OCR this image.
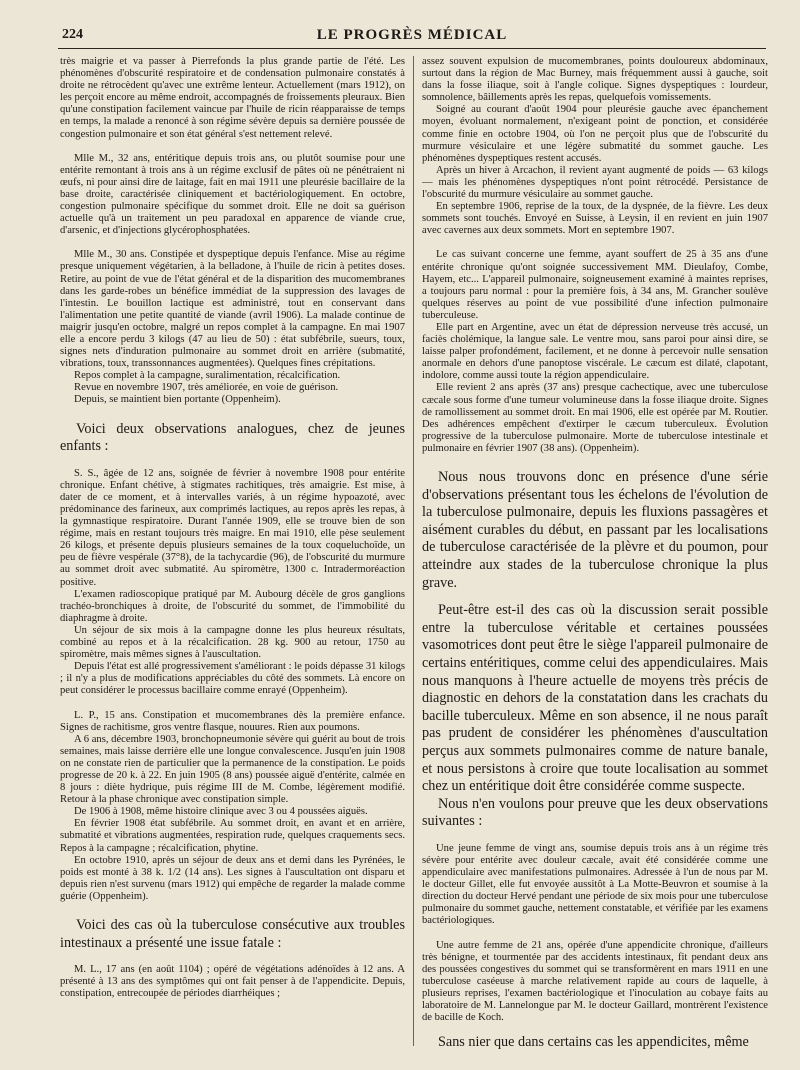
224	LE PROGRÈS MÉDICAL

très maigrie et va passer à Pierrefonds la plus grande partie de l'été. Les phénomènes d'obscurité respiratoire et de condensation pulmonaire constatés à droite ne rétrocèdent qu'avec une extrême lenteur. Actuellement (mars 1912), on les perçoit encore au même endroit, accompagnés de froissements pleuraux. Bien qu'une constipation facilement vaincue par l'huile de ricin réapparaisse de temps en temps, la malade a renoncé à son régime sévère depuis sa dernière poussée de congestion pulmonaire et son état général s'est nettement relevé.

Mlle M., 32 ans, entéritique depuis trois ans, ou plutôt soumise pour une entérite remontant à trois ans à un régime exclusif de pâtes où ne pénétraient ni œufs, ni pour ainsi dire de laitage, fait en mai 1911 une pleurésie bacillaire de la base droite, caractérisée cliniquement et bactériologiquement. En octobre, congestion pulmonaire spécifique du sommet droit. Elle ne doit sa guérison actuelle qu'à un traitement un peu paradoxal en apparence de viande crue, d'arsenic, et d'injections glycérophosphatées.

Mlle M., 30 ans. Constipée et dyspeptique depuis l'enfance. Mise au régime presque uniquement végétarien, à la belladone, à l'huile de ricin à petites doses. Retire, au point de vue de l'état général et de la disparition des mucomembranes dans les garde-robes un bénéfice immédiat de la suppression des lavages de l'intestin. Le bouillon lactique est administré, tout en conservant dans l'alimentation une petite quantité de viande (avril 1906). La malade continue de maigrir jusqu'en octobre, malgré un repos complet à la campagne. En mai 1907 elle a encore perdu 3 kilogs (47 au lieu de 50) : état subfébrile, sueurs, toux, signes nets d'induration pulmonaire au sommet droit en arrière (submatité, vibrations, toux, transsonnances augmentées). Quelques fines crépitations.

Repos complet à la campagne, suralimentation, récalcification.

Revue en novembre 1907, très améliorée, en voie de guérison.

Depuis, se maintient bien portante (Oppenheim).

Voici deux observations analogues, chez de jeunes enfants :

S. S., âgée de 12 ans, soignée de février à novembre 1908 pour entérite chronique. Enfant chétive, à stigmates rachitiques, très amaigrie. Est mise, à dater de ce moment, et à intervalles variés, à un régime hypoazoté, avec prédominance des farineux, aux comprimés lactiques, au repos après les repas, à la gymnastique respiratoire. Durant l'année 1909, elle se trouve bien de son régime, mais en restant toujours très maigre. En mai 1910, elle pèse seulement 26 kilogs, et présente depuis plusieurs semaines de la toux coqueluchoïde, un peu de fièvre vespérale (37°8), de la tachycardie (96), de l'obscurité du murmure au sommet droit avec submatité. Au spiromètre, 1300 c. Intradermoréaction positive.

L'examen radioscopique pratiqué par M. Aubourg décèle de gros ganglions trachéo-bronchiques à droite, de l'obscurité du sommet, de l'immobilité du diaphragme à droite.

Un séjour de six mois à la campagne donne les plus heureux résultats, combiné au repos et à la récalcification. 28 kg. 900 au retour, 1750 au spiromètre, mais mêmes signes à l'auscultation.

Depuis l'état est allé progressivement s'améliorant : le poids dépasse 31 kilogs ; il n'y a plus de modifications appréciables du côté des sommets. Là encore on peut considérer le processus bacillaire comme enrayé (Oppenheim).

L. P., 15 ans. Constipation et mucomembranes dès la première enfance. Signes de rachitisme, gros ventre flasque, nouures. Rien aux poumons.

A 6 ans, décembre 1903, bronchopneumonie sévère qui guérit au bout de trois semaines, mais laisse derrière elle une longue convalescence. Jusqu'en juin 1908 on ne constate rien de particulier que la permanence de la constipation. Le poids progresse de 20 k. à 22. En juin 1905 (8 ans) poussée aiguë d'entérite, calmée en 8 jours : diète hydrique, puis régime III de M. Combe, légèrement modifié. Retour à la phase chronique avec constipation simple.

De 1906 à 1908, même histoire clinique avec 3 ou 4 poussées aiguës.

En février 1908 état subfébrile. Au sommet droit, en avant et en arrière, submatité et vibrations augmentées, respiration rude, quelques craquements secs. Repos à la campagne ; récalcification, phytine.

En octobre 1910, après un séjour de deux ans et demi dans les Pyrénées, le poids est monté à 38 k. 1/2 (14 ans). Les signes à l'auscultation ont disparu et depuis rien n'est survenu (mars 1912) qui empêche de regarder la malade comme guérie (Oppenheim).

Voici des cas où la tuberculose consécutive aux troubles intestinaux a présenté une issue fatale :

M. L., 17 ans (en août 1104) ; opéré de végétations adénoïdes à 12 ans. A présenté à 13 ans des symptômes qui ont fait penser à de l'appendicite. Depuis, constipation, entrecoupée de périodes diarrhéiques ;

assez souvent expulsion de mucomembranes, points douloureux abdominaux, surtout dans la région de Mac Burney, mais fréquemment aussi à gauche, soit dans la fosse iliaque, soit à l'angle colique. Signes dyspeptiques : lourdeur, somnolence, bâillements après les repas, quelquefois vomissements.

Soigné au courant d'août 1904 pour pleurésie gauche avec épanchement moyen, évoluant normalement, n'exigeant point de ponction, et considérée comme finie en octobre 1904, où l'on ne perçoit plus que de l'obscurité du murmure vésiculaire et une légère submatité du sommet gauche. Les phénomènes dyspeptiques restent accusés.

Après un hiver à Arcachon, il revient ayant augmenté de poids — 63 kilogs — mais les phénomènes dyspeptiques n'ont point rétrocédé. Persistance de l'obscurité du murmure vésiculaire au sommet gauche.

En septembre 1906, reprise de la toux, de la dyspnée, de la fièvre. Les deux sommets sont touchés. Envoyé en Suisse, à Leysin, il en revient en juin 1907 avec cavernes aux deux sommets. Mort en septembre 1907.

Le cas suivant concerne une femme, ayant souffert de 25 à 35 ans d'une entérite chronique qu'ont soignée successivement MM. Dieulafoy, Combe, Hayem, etc... L'appareil pulmonaire, soigneusement examiné à maintes reprises, a toujours paru normal : pour la première fois, à 34 ans, M. Grancher soulève quelques réserves au point de vue possibilité d'une infection pulmonaire tuberculeuse.

Elle part en Argentine, avec un état de dépression nerveuse très accusé, un faciès cholémique, la langue sale. Le ventre mou, sans paroi pour ainsi dire, se laisse palper profondément, facilement, et ne donne à percevoir nulle sensation anormale en dehors d'une panoptose viscérale. Le cæcum est dilaté, clapotant, indolore, comme aussi toute la région appendiculaire.

Elle revient 2 ans après (37 ans) presque cachectique, avec une tuberculose cæcale sous forme d'une tumeur volumineuse dans la fosse iliaque droite. Signes de ramollissement au sommet droit. En mai 1906, elle est opérée par M. Routier. Des adhérences empêchent d'extirper le cæcum tuberculeux. Évolution progressive de la tuberculose pulmonaire. Morte de tuberculose intestinale et pulmonaire en février 1907 (38 ans). (Oppenheim).

Nous nous trouvons donc en présence d'une série d'observations présentant tous les échelons de l'évolution de la tuberculose pulmonaire, depuis les fluxions passagères et aisément curables du début, en passant par les localisations de tuberculose caractérisée de la plèvre et du poumon, pour atteindre aux stades de la tuberculose chronique la plus grave.

Peut-être est-il des cas où la discussion serait possible entre la tuberculose véritable et certaines poussées vasomotrices dont peut être le siège l'appareil pulmonaire de certains entéritiques, comme celui des appendiculaires. Mais nous manquons à l'heure actuelle de moyens très précis de diagnostic en dehors de la constatation dans les crachats du bacille tuberculeux. Même en son absence, il ne nous paraît pas prudent de considérer les phénomènes d'auscultation perçus aux sommets pulmonaires comme de nature banale, et nous persistons à croire que toute localisation au sommet chez un entéritique doit être considérée comme suspecte.

Nous n'en voulons pour preuve que les deux observations suivantes :

Une jeune femme de vingt ans, soumise depuis trois ans à un régime très sévère pour entérite avec douleur cæcale, avait été considérée comme une appendiculaire avec manifestations pulmonaires. Adressée à l'un de nous par M. le docteur Gillet, elle fut envoyée aussitôt à La Motte-Beuvron et soumise à la direction du docteur Hervé pendant une période de six mois pour une tuberculose pulmonaire du sommet gauche, nettement constatable, et vérifiée par les examens bactériologiques.

Une autre femme de 21 ans, opérée d'une appendicite chronique, d'ailleurs très bénigne, et tourmentée par des accidents intestinaux, fit pendant deux ans des poussées congestives du sommet qui se transformèrent en mars 1911 en une tuberculose caséeuse à marche relativement rapide au cours de laquelle, à plusieurs reprises, l'examen bactériologique et l'inoculation au cobaye faits au laboratoire de M. Lannelongue par M. le docteur Gaillard, montrèrent l'existence de bacille de Koch.

Sans nier que dans certains cas les appendicites, même
